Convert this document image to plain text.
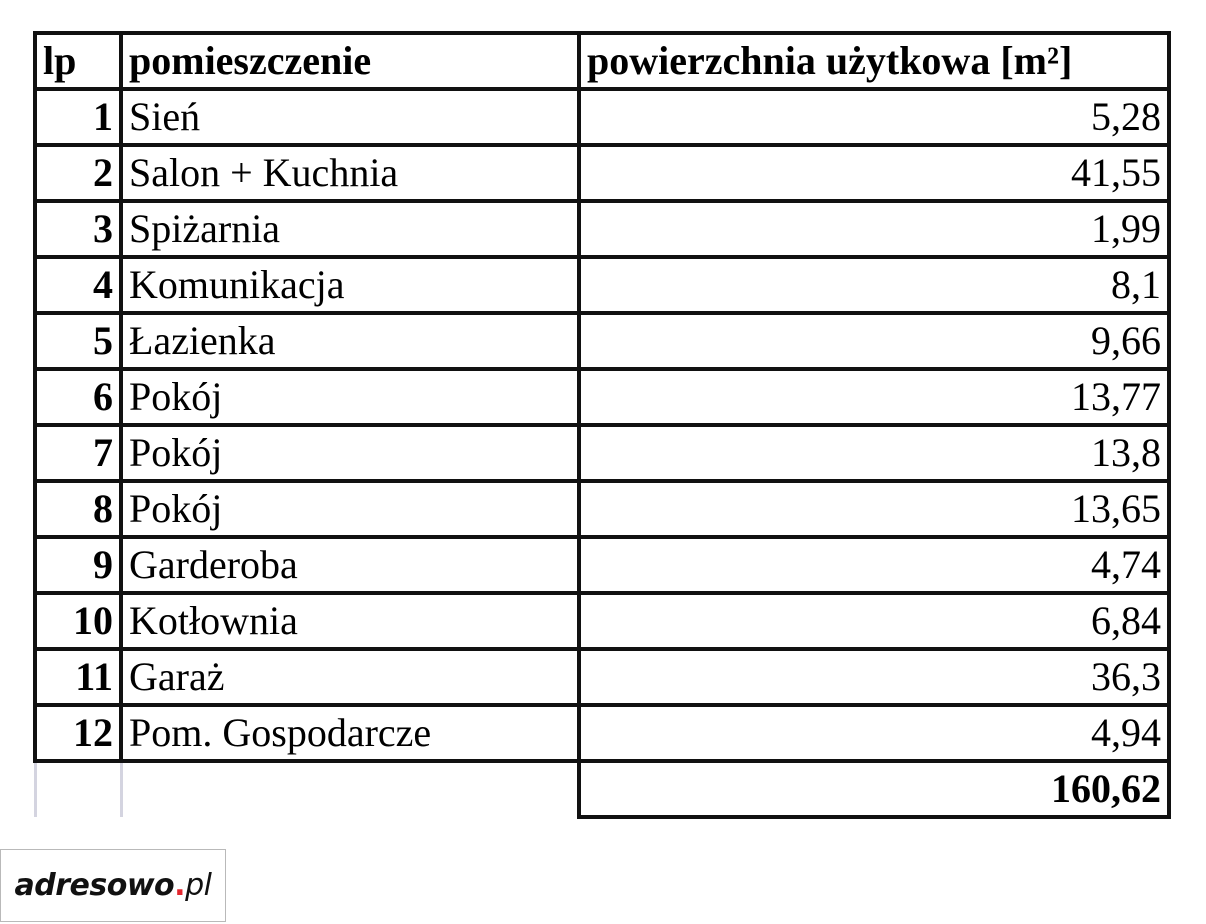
lp	pomieszczenie	powierzchnia użytkowa [m²]
1	Sień	5,28
2	Salon + Kuchnia	41,55
3	Spiżarnia	1,99
4	Komunikacja	8,1
5	Łazienka	9,66
6	Pokój	13,77
7	Pokój	13,8
8	Pokój	13,65
9	Garderoba	4,74
10	Kotłownia	6,84
11	Garaż	36,3
12	Pom. Gospodarcze	4,94
		160,62
adresowo . pl
